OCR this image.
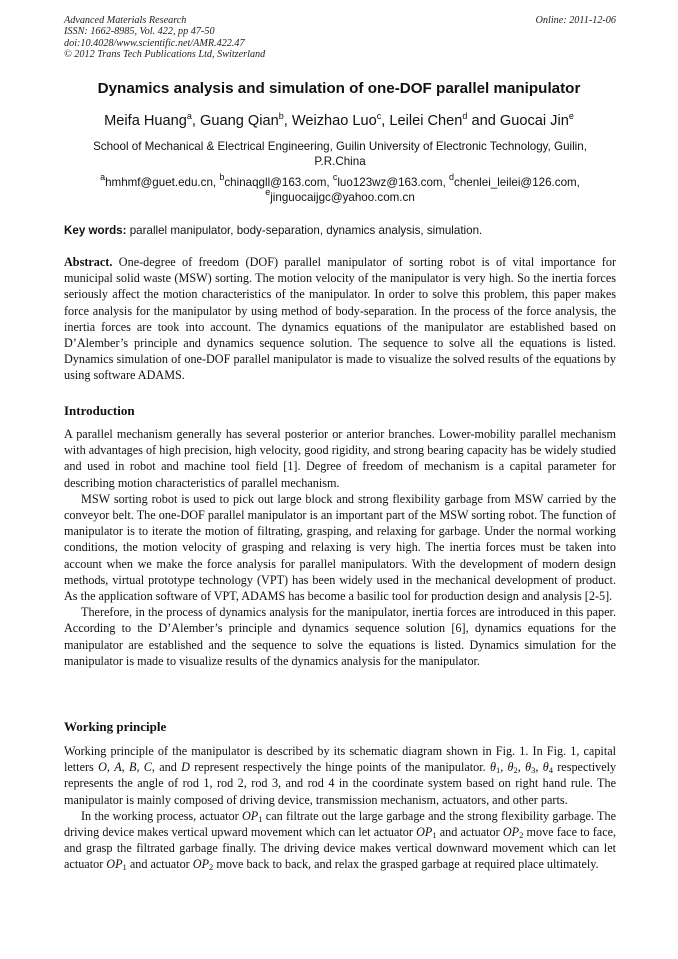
Advanced Materials Research
ISSN: 1662-8985, Vol. 422, pp 47-50
doi:10.4028/www.scientific.net/AMR.422.47
© 2012 Trans Tech Publications Ltd, Switzerland
Online: 2011-12-06
Dynamics analysis and simulation of one-DOF parallel manipulator
Meifa Huang$^a$, Guang Qian$^b$, Weizhao Luo$^c$, Leilei Chen$^d$ and Guocai Jin$^e$
School of Mechanical & Electrical Engineering, Guilin University of Electronic Technology, Guilin,
P.R.China
$^a$hmhmf@guet.edu.cn, $^b$chinaqgll@163.com, $^c$luo123wz@163.com, $^d$chenlei_leilei@126.com,
$^e$jinguocaijgc@yahoo.com.cn
Key words: parallel manipulator, body-separation, dynamics analysis, simulation.

Abstract. One-degree of freedom (DOF) parallel manipulator of sorting robot is of vital importance for municipal solid waste (MSW) sorting. The motion velocity of the manipulator is very high. So the inertia forces seriously affect the motion characteristics of the manipulator. In order to solve this problem, this paper makes force analysis for the manipulator by using method of body-separation. In the process of the force analysis, the inertia forces are took into account. The dynamics equations of the manipulator are established based on D’Alember’s principle and dynamics sequence solution. The sequence to solve all the equations is listed. Dynamics simulation of one-DOF parallel manipulator is made to visualize the solved results of the equations by using software ADAMS.

Introduction

A parallel mechanism generally has several posterior or anterior branches. Lower-mobility parallel mechanism with advantages of high precision, high velocity, good rigidity, and strong bearing capacity has be widely studied and used in robot and machine tool field [1]. Degree of freedom of mechanism is a capital parameter for describing motion characteristics of parallel mechanism.

MSW sorting robot is used to pick out large block and strong flexibility garbage from MSW carried by the conveyor belt. The one-DOF parallel manipulator is an important part of the MSW sorting robot. The function of manipulator is to iterate the motion of filtrating, grasping, and relaxing for garbage. Under the normal working conditions, the motion velocity of grasping and relaxing is very high. The inertia forces must be taken into account when we make the force analysis for parallel manipulators. With the development of modern design methods, virtual prototype technology (VPT) has been widely used in the mechanical development of product. As the application software of VPT, ADAMS has become a basilic tool for production design and analysis [2-5].

Therefore, in the process of dynamics analysis for the manipulator, inertia forces are introduced in this paper. According to the D’Alember’s principle and dynamics sequence solution [6], dynamics equations for the manipulator are established and the sequence to solve the equations is listed. Dynamics simulation for the manipulator is made to visualize results of the dynamics analysis for the manipulator.

Working principle

Working principle of the manipulator is described by its schematic diagram shown in Fig. 1. In Fig. 1, capital letters O, A, B, C, and D represent respectively the hinge points of the manipulator. $\theta_1$, $\theta_2$, $\theta_3$, $\theta_4$ respectively represents the angle of rod 1, rod 2, rod 3, and rod 4 in the coordinate system based on right hand rule. The manipulator is mainly composed of driving device, transmission mechanism, actuators, and other parts.

In the working process, actuator $OP_1$ can filtrate out the large garbage and the strong flexibility garbage. The driving device makes vertical upward movement which can let actuator $OP_1$ and actuator $OP_2$ move face to face, and grasp the filtrated garbage finally. The driving device makes vertical downward movement which can let actuator $OP_1$ and actuator $OP_2$ move back to back, and relax the grasped garbage at required place ultimately.
